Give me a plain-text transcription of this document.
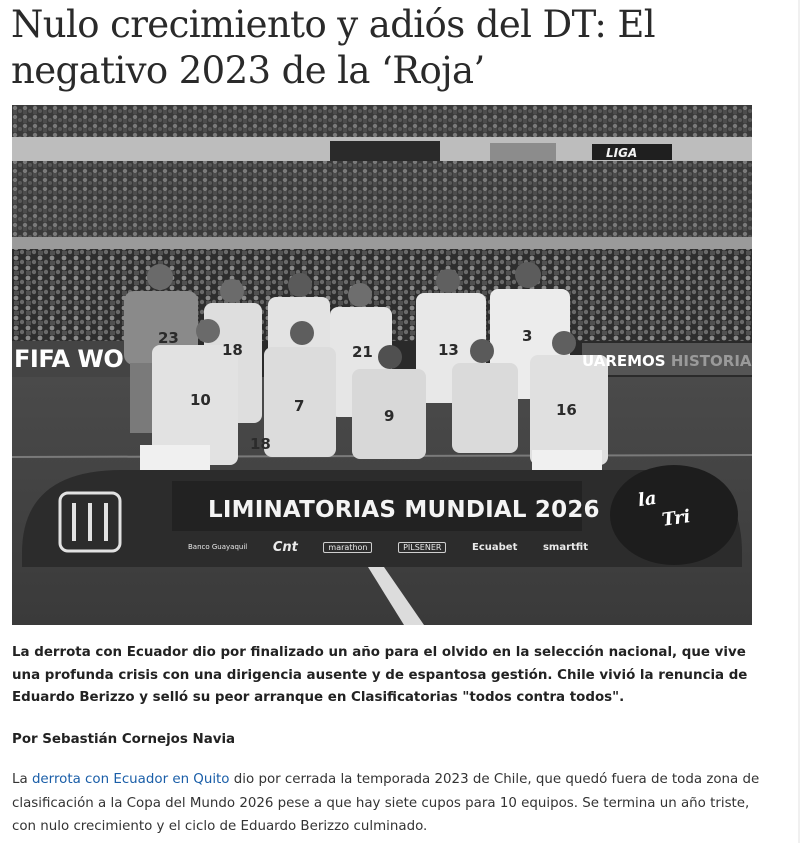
Nulo crecimiento y adiós del DT: El negativo 2023 de la ‘Roja’
LIGA
FIFA WO	UAREMOS HISTORIA
23
18	21	13
3
10	7
9	16
18
LIMINATORIAS MUNDIAL 2026
Banco Guayaquil Cnt	marathon	PILSENER	Ecuabet	smartfit
la
Tri

La derrota con Ecuador dio por finalizado un año para el olvido en la selección nacional, que vive una profunda crisis con una dirigencia ausente y de espantosa gestión. Chile vivió la renuncia de Eduardo Berizzo y selló su peor arranque en Clasificatorias "todos contra todos".

Por Sebastián Cornejos Navia

La derrota con Ecuador en Quito dio por cerrada la temporada 2023 de Chile, que quedó fuera de toda zona de clasificación a la Copa del Mundo 2026 pese a que hay siete cupos para 10 equipos. Se termina un año triste, con nulo crecimiento y el ciclo de Eduardo Berizzo culminado.
